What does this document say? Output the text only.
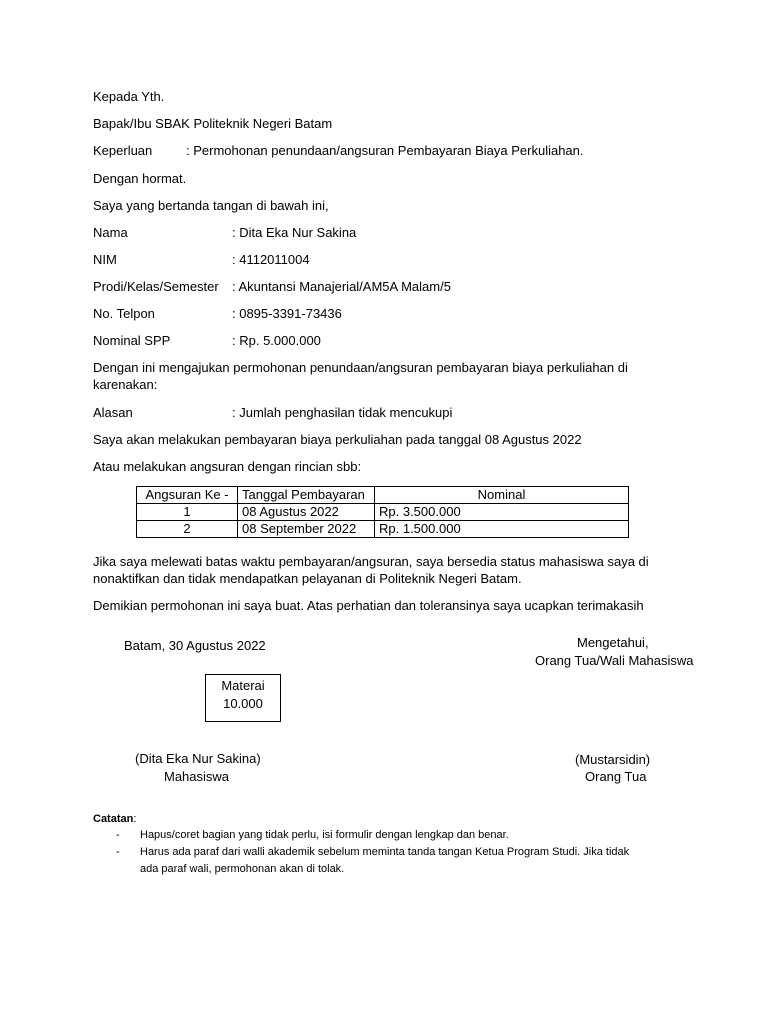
Kepada Yth.
Bapak/Ibu SBAK Politeknik Negeri Batam
Keperluan	: Permohonan penundaan/angsuran Pembayaran Biaya Perkuliahan.
Dengan hormat.
Saya yang bertanda tangan di bawah ini,
Nama	: Dita Eka Nur Sakina
NIM	: 4112011004
Prodi/Kelas/Semester	: Akuntansi Manajerial/AM5A Malam/5
No. Telpon	: 0895-3391-73436
Nominal SPP	: Rp. 5.000.000
Dengan ini mengajukan permohonan penundaan/angsuran pembayaran biaya perkuliahan di
karenakan:
Alasan	: Jumlah penghasilan tidak mencukupi
Saya akan melakukan pembayaran biaya perkuliahan pada tanggal 08 Agustus 2022
Atau melakukan angsuran dengan rincian sbb:
Angsuran Ke -	Tanggal Pembayaran	Nominal
1	08 Agustus 2022	Rp. 3.500.000
2	08 September 2022	Rp. 1.500.000
Jika saya melewati batas waktu pembayaran/angsuran, saya bersedia status mahasiswa saya di
nonaktifkan dan tidak mendapatkan pelayanan di Politeknik Negeri Batam.
Demikian permohonan ini saya buat. Atas perhatian dan toleransinya saya ucapkan terimakasih
Batam, 30 Agustus 2022	Mengetahui,
Orang Tua/Wali Mahasiswa
Materai
10.000
(Dita Eka Nur Sakina)
Mahasiswa
(Mustarsidin)
Orang Tua
Catatan:
- Hapus/coret bagian yang tidak perlu, isi formulir dengan lengkap dan benar.
- Harus ada paraf dari walli akademik sebelum meminta tanda tangan Ketua Program Studi. Jika tidak
ada paraf wali, permohonan akan di tolak.
